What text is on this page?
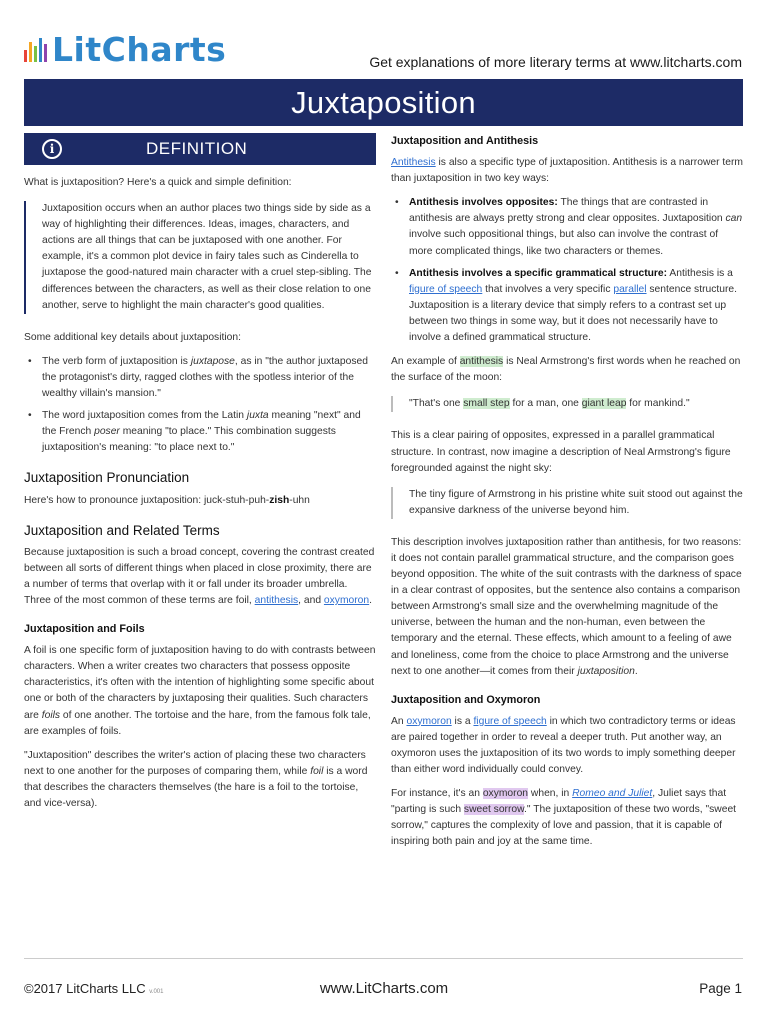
LitCharts	Get explanations of more literary terms at www.litcharts.com
Juxtaposition
i	DEFINITION

What is juxtaposition? Here's a quick and simple definition:

Juxtaposition occurs when an author places two things side by side as a way of highlighting their differences. Ideas, images, characters, and actions are all things that can be juxtaposed with one another. For example, it's a common plot device in fairy tales such as Cinderella to juxtapose the good-natured main character with a cruel step-sibling. The differences between the characters, as well as their close relation to one another, serve to highlight the main character's good qualities.

Some additional key details about juxtaposition:

• The verb form of juxtaposition is juxtapose, as in "the author juxtaposed the protagonist's dirty, ragged clothes with the spotless interior of the wealthy villain's mansion."
• The word juxtaposition comes from the Latin juxta meaning "next" and the French poser meaning "to place." This combination suggests juxtaposition's meaning: "to place next to."
Juxtaposition Pronunciation

Here's how to pronounce juxtaposition: juck-stuh-puh-zish-uhn

Juxtaposition and Related Terms

Because juxtaposition is such a broad concept, covering the contrast created between all sorts of different things when placed in close proximity, there are a number of terms that overlap with it or fall under its broader umbrella. Three of the most common of these terms are foil, antithesis, and oxymoron.

Juxtaposition and Foils

A foil is one specific form of juxtaposition having to do with contrasts between characters. When a writer creates two characters that possess opposite characteristics, it's often with the intention of highlighting some specific about one or both of the characters by juxtaposing their qualities. Such characters are foils of one another. The tortoise and the hare, from the famous folk tale, are examples of foils.

"Juxtaposition" describes the writer's action of placing these two characters next to one another for the purposes of comparing them, while foil is a word that describes the characters themselves (the hare is a foil to the tortoise, and vice-versa).

Juxtaposition and Antithesis

Antithesis is also a specific type of juxtaposition. Antithesis is a narrower term than juxtaposition in two key ways:

• Antithesis involves opposites: The things that are contrasted in antithesis are always pretty strong and clear opposites. Juxtaposition can involve such oppositional things, but also can involve the contrast of more complicated things, like two characters or themes.
• Antithesis involves a specific grammatical structure: Antithesis is a figure of speech that involves a very specific parallel sentence structure. Juxtaposition is a literary device that simply refers to a contrast set up between two things in some way, but it does not necessarily have to involve a defined grammatical structure.

An example of antithesis is Neal Armstrong's first words when he reached on the surface of the moon:

"That's one small step for a man, one giant leap for mankind."

This is a clear pairing of opposites, expressed in a parallel grammatical structure. In contrast, now imagine a description of Neal Armstrong's figure foregrounded against the night sky:

The tiny figure of Armstrong in his pristine white suit stood out against the expansive darkness of the universe beyond him.

This description involves juxtaposition rather than antithesis, for two reasons: it does not contain parallel grammatical structure, and the comparison goes beyond opposition. The white of the suit contrasts with the darkness of space in a clear contrast of opposites, but the sentence also contains a comparison between Armstrong's small size and the overwhelming magnitude of the universe, between the human and the non-human, even between the temporary and the eternal. These effects, which amount to a feeling of awe and loneliness, come from the choice to place Armstrong and the universe next to one another—it comes from their juxtaposition.

Juxtaposition and Oxymoron

An oxymoron is a figure of speech in which two contradictory terms or ideas are paired together in order to reveal a deeper truth. Put another way, an oxymoron uses the juxtaposition of its two words to imply something deeper than either word individually could convey.

For instance, it's an oxymoron when, in Romeo and Juliet, Juliet says that "parting is such sweet sorrow." The juxtaposition of these two words, "sweet sorrow," captures the complexity of love and passion, that it is capable of inspiring both pain and joy at the same time.

©2017 LitCharts LLC v.001	www.LitCharts.com	Page 1
